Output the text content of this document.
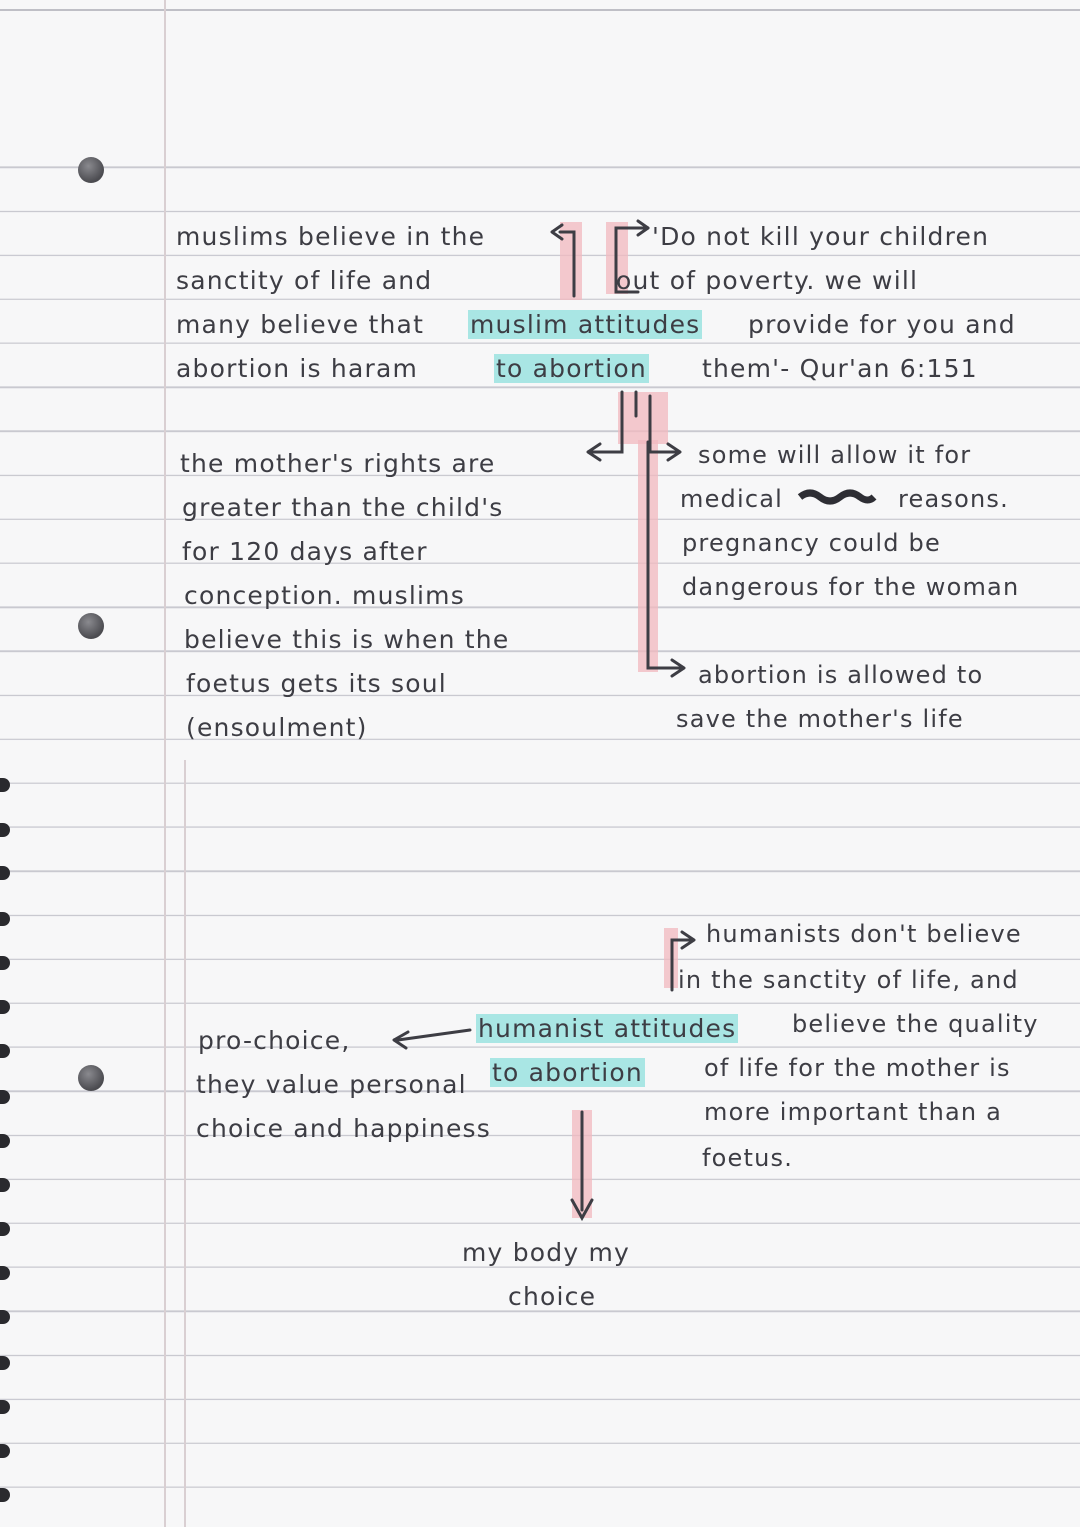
muslims believe in the
sanctity of life and
many believe that
abortion is haram
muslim attitudes
to abortion
'Do not kill your children
out of poverty. we will
provide for you and
them'- Qur'an 6:151
the mother's rights are
greater than the child's
for 120 days after
conception. muslims
believe this is when the
foetus gets its soul
(ensoulment)
some will allow it for
medical	reasons.
pregnancy could be
dangerous for the woman
abortion is allowed to
save the mother's life
humanists don't believe
in the sanctity of life, and
believe the quality
of life for the mother is
more important than a
foetus.
humanist attitudes
to abortion
pro-choice,
they value personal
choice and happiness
my body my
choice
